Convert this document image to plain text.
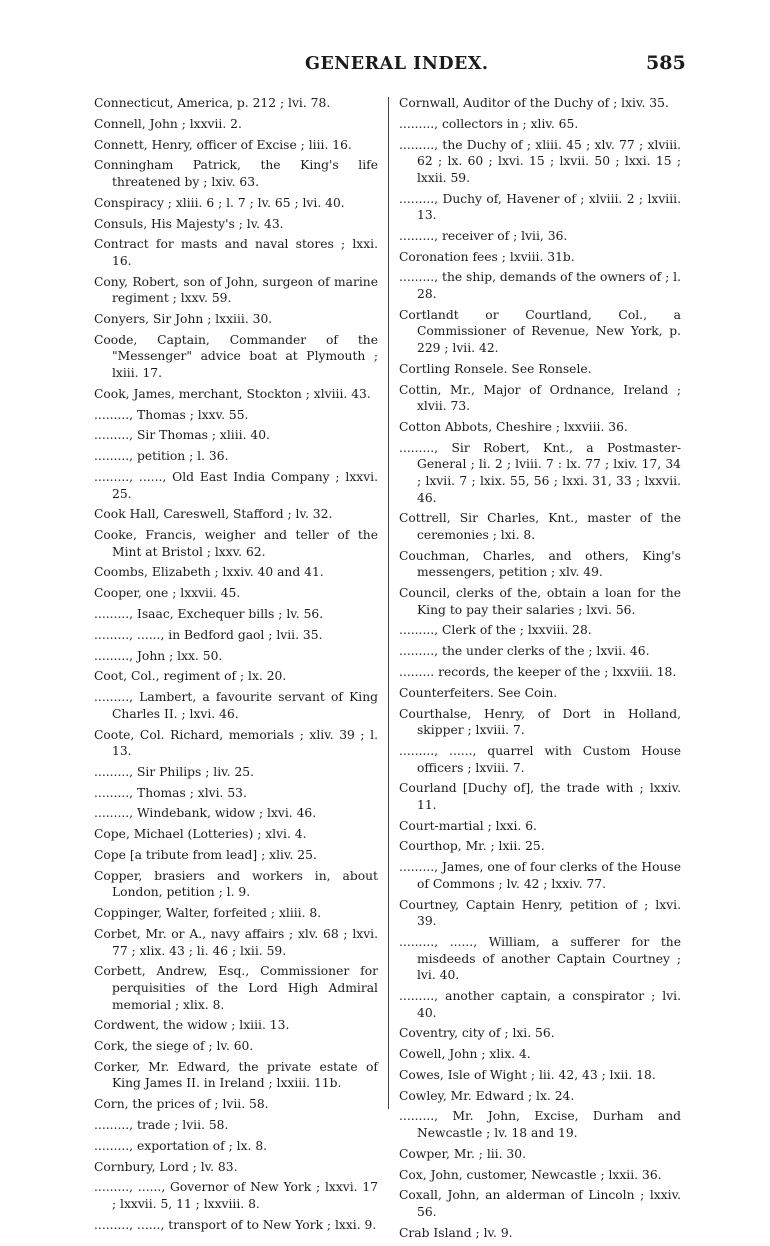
GENERAL INDEX.	585

Connecticut, America, p. 212 ; lvi. 78.

Connell, John ; lxxvii. 2.

Connett, Henry, officer of Excise ; liii. 16.

Conningham Patrick, the King's life threatened by ; lxiv. 63.

Conspiracy ; xliii. 6 ; l. 7 ; lv. 65 ; lvi. 40.

Consuls, His Majesty's ; lv. 43.

Contract for masts and naval stores ; lxxi. 16.

Cony, Robert, son of John, surgeon of marine regiment ; lxxv. 59.

Conyers, Sir John ; lxxiii. 30.

Coode, Captain, Commander of the "Messenger" advice boat at Plymouth ; lxiii. 17.

Cook, James, merchant, Stockton ; xlviii. 43.

........., Thomas ; lxxv. 55.

........., Sir Thomas ; xliii. 40.

........., petition ; l. 36.

........., ......, Old East India Company ; lxxvi. 25.

Cook Hall, Careswell, Stafford ; lv. 32.

Cooke, Francis, weigher and teller of the Mint at Bristol ; lxxv. 62.

Coombs, Elizabeth ; lxxiv. 40 and 41.

Cooper, one ; lxxvii. 45.

........., Isaac, Exchequer bills ; lv. 56.

........., ......, in Bedford gaol ; lvii. 35.

........., John ; lxx. 50.

Coot, Col., regiment of ; lx. 20.

........., Lambert, a favourite servant of King Charles II. ; lxvi. 46.

Coote, Col. Richard, memorials ; xliv. 39 ; l. 13.

........., Sir Philips ; liv. 25.

........., Thomas ; xlvi. 53.

........., Windebank, widow ; lxvi. 46.

Cope, Michael (Lotteries) ; xlvi. 4.

Cope [a tribute from lead] ; xliv. 25.

Copper, brasiers and workers in, about London, petition ; l. 9.

Coppinger, Walter, forfeited ; xliii. 8.

Corbet, Mr. or A., navy affairs ; xlv. 68 ; lxvi. 77 ; xlix. 43 ; li. 46 ; lxii. 59.

Corbett, Andrew, Esq., Commissioner for perquisities of the Lord High Admiral memorial ; xlix. 8.

Cordwent, the widow ; lxiii. 13.

Cork, the siege of ; lv. 60.

Corker, Mr. Edward, the private estate of King James II. in Ireland ; lxxiii. 11b.

Corn, the prices of ; lvii. 58.

........., trade ; lvii. 58.

........., exportation of ; lx. 8.

Cornbury, Lord ; lv. 83.

........., ......, Governor of New York ; lxxvi. 17 ; lxxvii. 5, 11 ; lxxviii. 8.

........., ......, transport of to New York ; lxxi. 9.

Cornwall, Auditor of the Duchy of ; lxiv. 35.

........., collectors in ; xliv. 65.

........., the Duchy of ; xliii. 45 ; xlv. 77 ; xlviii. 62 ; lx. 60 ; lxvi. 15 ; lxvii. 50 ; lxxi. 15 ; lxxii. 59.

........., Duchy of, Havener of ; xlviii. 2 ; lxviii. 13.

........., receiver of ; lvii, 36.

Coronation fees ; lxviii. 31b.

........., the ship, demands of the owners of ; l. 28.

Cortlandt or Courtland, Col., a Commissioner of Revenue, New York, p. 229 ; lvii. 42.

Cortling Ronsele. See Ronsele.

Cottin, Mr., Major of Ordnance, Ireland ; xlvii. 73.

Cotton Abbots, Cheshire ; lxxviii. 36.

........., Sir Robert, Knt., a Postmaster-General ; li. 2 ; lviii. 7 : lx. 77 ; lxiv. 17, 34 ; lxvii. 7 ; lxix. 55, 56 ; lxxi. 31, 33 ; lxxvii. 46.

Cottrell, Sir Charles, Knt., master of the ceremonies ; lxi. 8.

Couchman, Charles, and others, King's messengers, petition ; xlv. 49.

Council, clerks of the, obtain a loan for the King to pay their salaries ; lxvi. 56.

........., Clerk of the ; lxxviii. 28.

........., the under clerks of the ; lxvii. 46.

......... records, the keeper of the ; lxxviii. 18.

Counterfeiters. See Coin.

Courthalse, Henry, of Dort in Holland, skipper ; lxviii. 7.

........., ......, quarrel with Custom House officers ; lxviii. 7.

Courland [Duchy of], the trade with ; lxxiv. 11.

Court-martial ; lxxi. 6.

Courthop, Mr. ; lxii. 25.

........., James, one of four clerks of the House of Commons ; lv. 42 ; lxxiv. 77.

Courtney, Captain Henry, petition of ; lxvi. 39.

........., ......, William, a sufferer for the misdeeds of another Captain Courtney ; lvi. 40.

........., another captain, a conspirator ; lvi. 40.

Coventry, city of ; lxi. 56.

Cowell, John ; xlix. 4.

Cowes, Isle of Wight ; lii. 42, 43 ; lxii. 18.

Cowley, Mr. Edward ; lx. 24.

........., Mr. John, Excise, Durham and Newcastle ; lv. 18 and 19.

Cowper, Mr. ; lii. 30.

Cox, John, customer, Newcastle ; lxxii. 36.

Coxall, John, an alderman of Lincoln ; lxxiv. 56.

Crab Island ; lv. 9.
